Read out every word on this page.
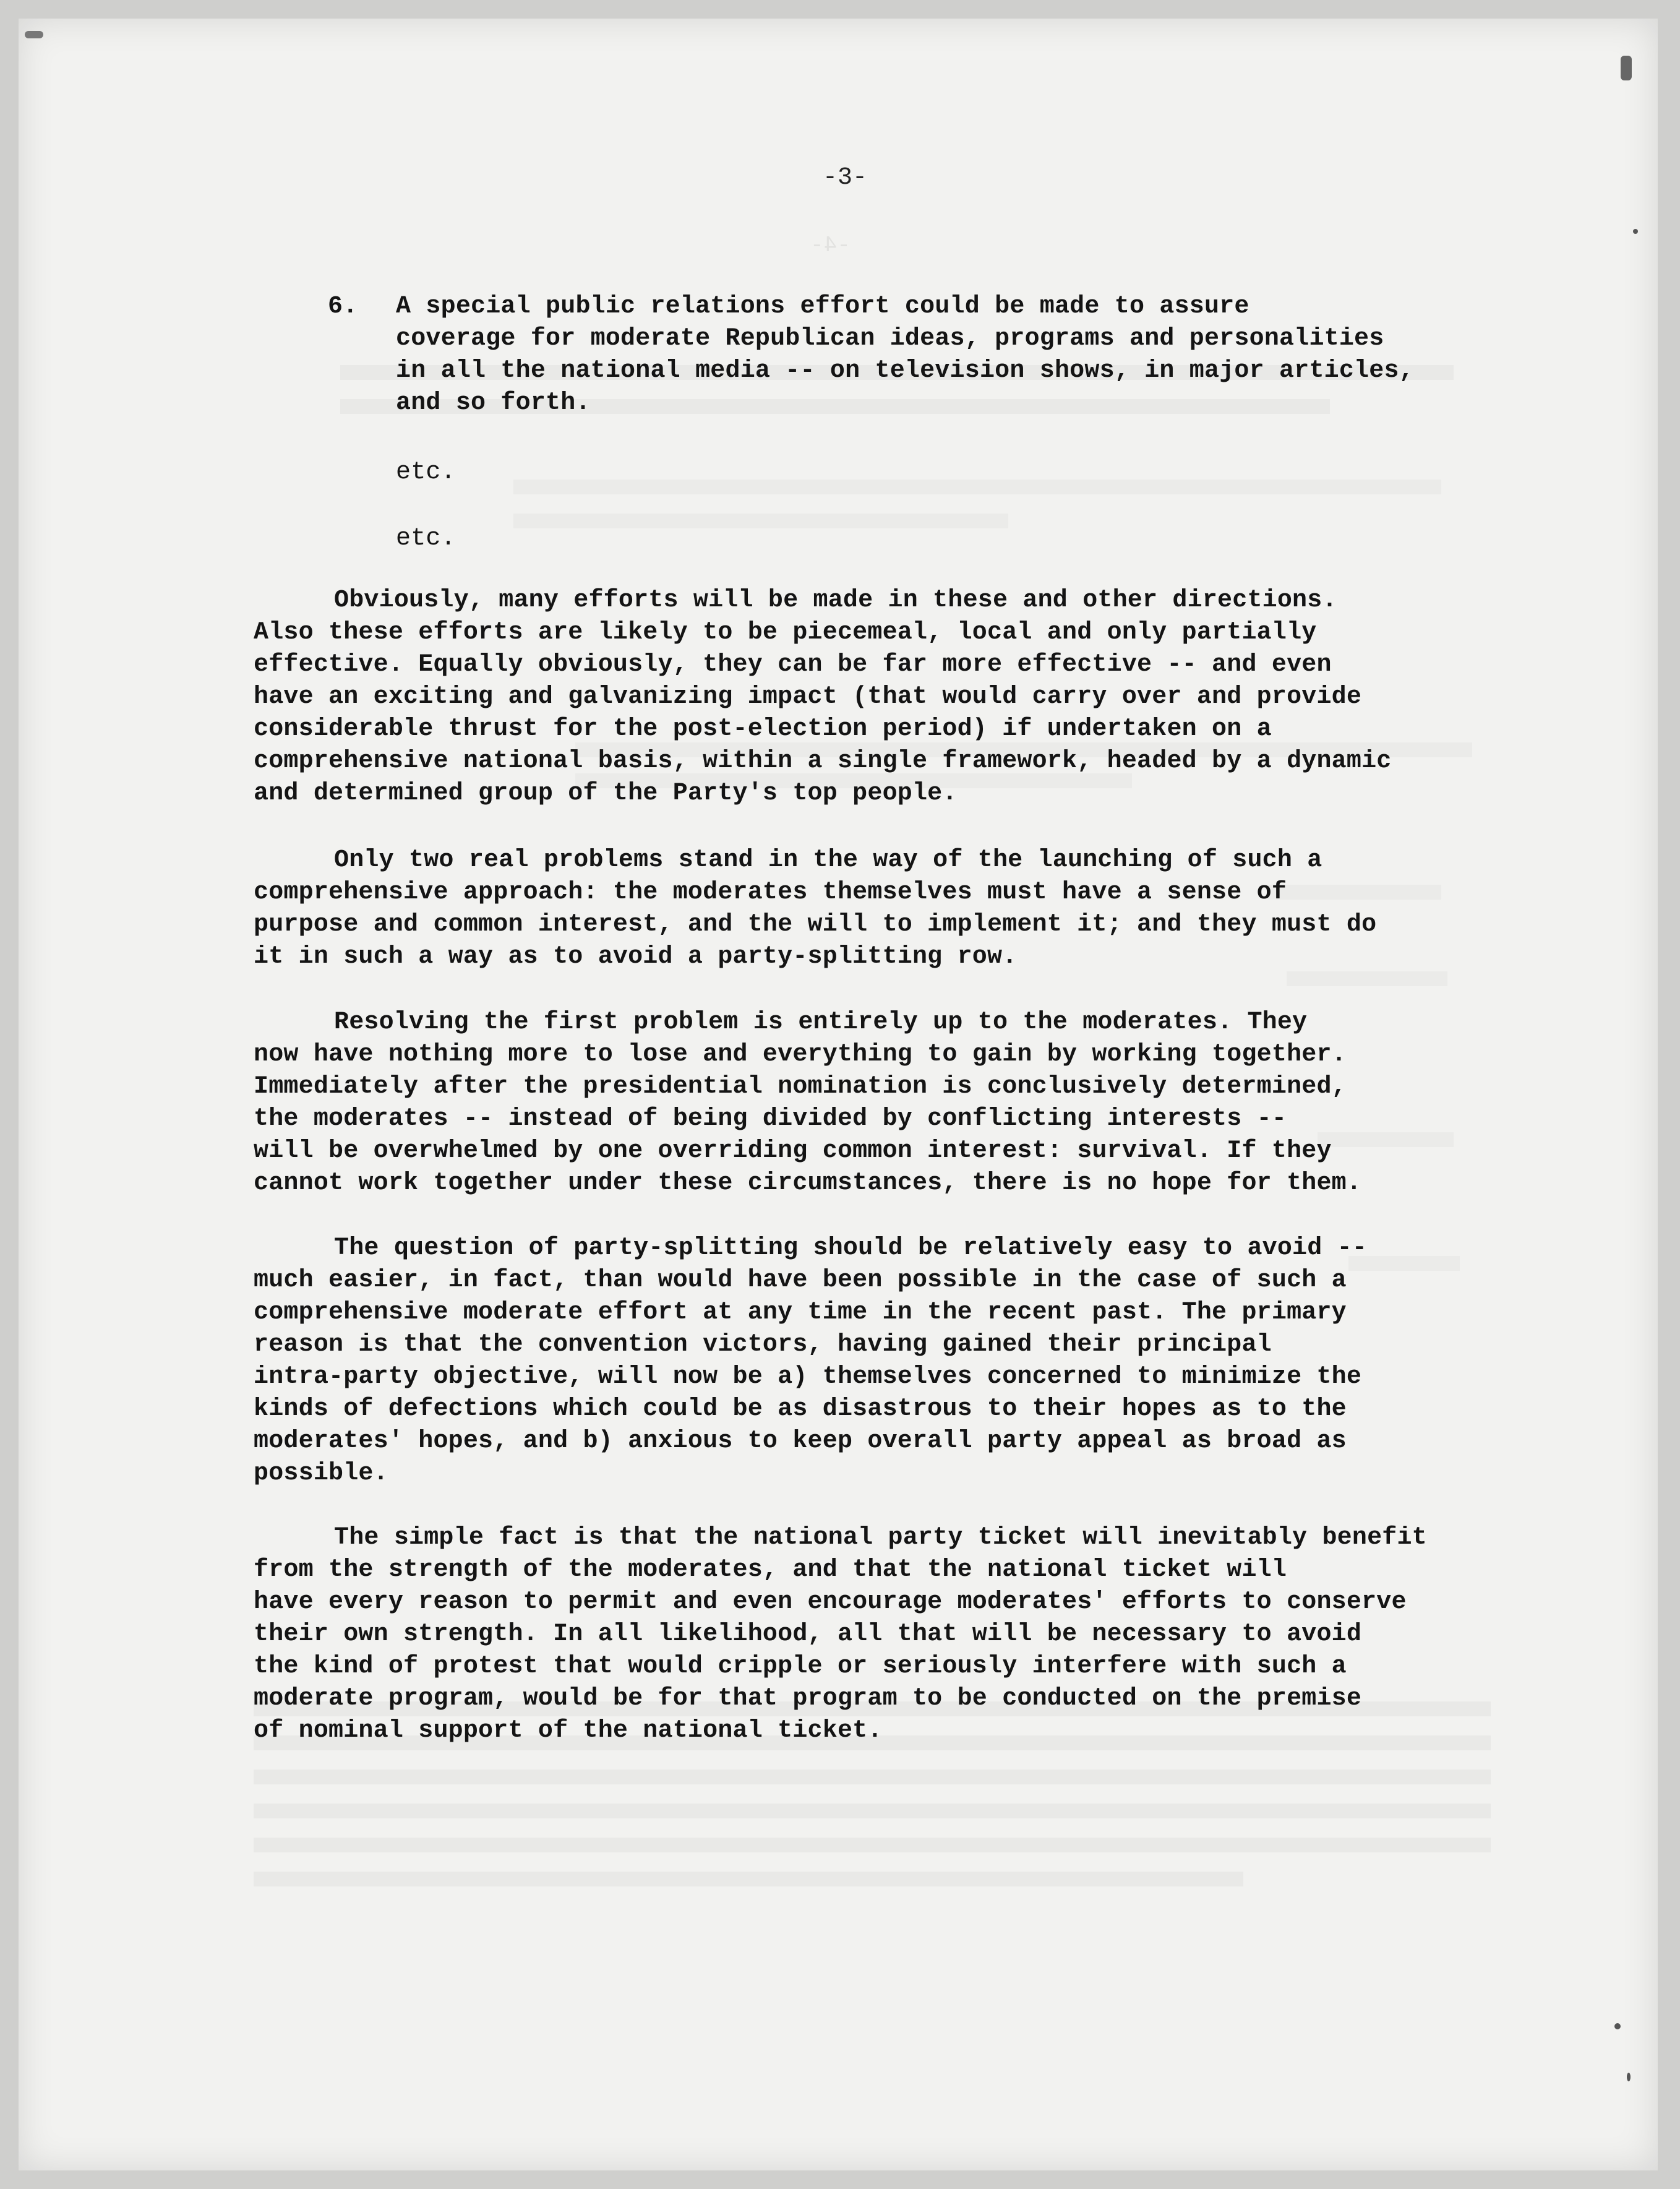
-4-
-3-
6. A special public relations effort could be made to assure
coverage for moderate Republican ideas, programs and personalities
in all the national media -- on television shows, in major articles,
and so forth.
etc.
etc.
Obviously, many efforts will be made in these and other directions.
Also these efforts are likely to be piecemeal, local and only partially
effective. Equally obviously, they can be far more effective -- and even
have an exciting and galvanizing impact (that would carry over and provide
considerable thrust for the post-election period) if undertaken on a
comprehensive national basis, within a single framework, headed by a dynamic
and determined group of the Party's top people.
Only two real problems stand in the way of the launching of such a
comprehensive approach: the moderates themselves must have a sense of
purpose and common interest, and the will to implement it; and they must do
it in such a way as to avoid a party-splitting row.
Resolving the first problem is entirely up to the moderates. They
now have nothing more to lose and everything to gain by working together.
Immediately after the presidential nomination is conclusively determined,
the moderates -- instead of being divided by conflicting interests --
will be overwhelmed by one overriding common interest: survival. If they
cannot work together under these circumstances, there is no hope for them.
The question of party-splitting should be relatively easy to avoid --
much easier, in fact, than would have been possible in the case of such a
comprehensive moderate effort at any time in the recent past. The primary
reason is that the convention victors, having gained their principal
intra-party objective, will now be a) themselves concerned to minimize the
kinds of defections which could be as disastrous to their hopes as to the
moderates' hopes, and b) anxious to keep overall party appeal as broad as
possible.
The simple fact is that the national party ticket will inevitably benefit
from the strength of the moderates, and that the national ticket will
have every reason to permit and even encourage moderates' efforts to conserve
their own strength. In all likelihood, all that will be necessary to avoid
the kind of protest that would cripple or seriously interfere with such a
moderate program, would be for that program to be conducted on the premise
of nominal support of the national ticket.
